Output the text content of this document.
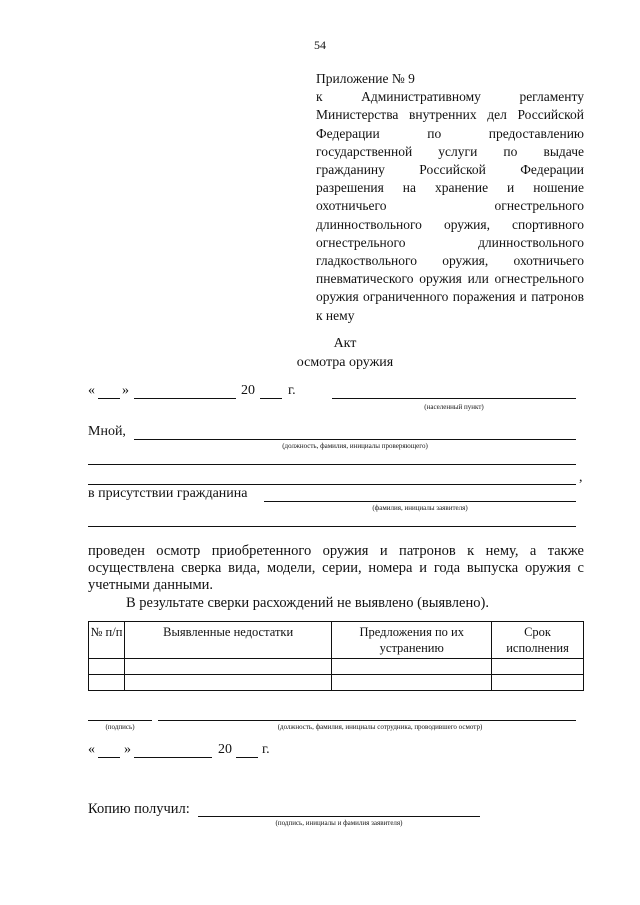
54
Приложение № 9
к Административному регламенту Министерства внутренних дел Российской Федерации по предоставлению государственной услуги по выдаче гражданину Российской Федерации разрешения на хранение и ношение охотничьего огнестрельного длинноствольного оружия, спортивного огнестрельного длинноствольного гладкоствольного оружия, охотничьего пневматического оружия или огнестрельного оружия ограниченного поражения и патронов к нему
Акт
осмотра оружия
« »	20 г.
(населенный пункт)
Мной,
(должность, фамилия, инициалы проверяющего)
,
в присутствии гражданина
(фамилия, инициалы заявителя)
проведен осмотр приобретенного оружия и патронов к нему, а также осуществлена сверка вида, модели, серии, номера и года выпуска оружия с учетными данными.
В результате сверки расхождений не выявлено (выявлено).
№ п/п	Выявленные недостатки	Предложения по их устранению	Срок исполнения

(подпись)	(должность, фамилия, инициалы сотрудника, проводившего осмотр)
« »	20 г.
Копию получил:
(подпись, инициалы и фамилия заявителя)
